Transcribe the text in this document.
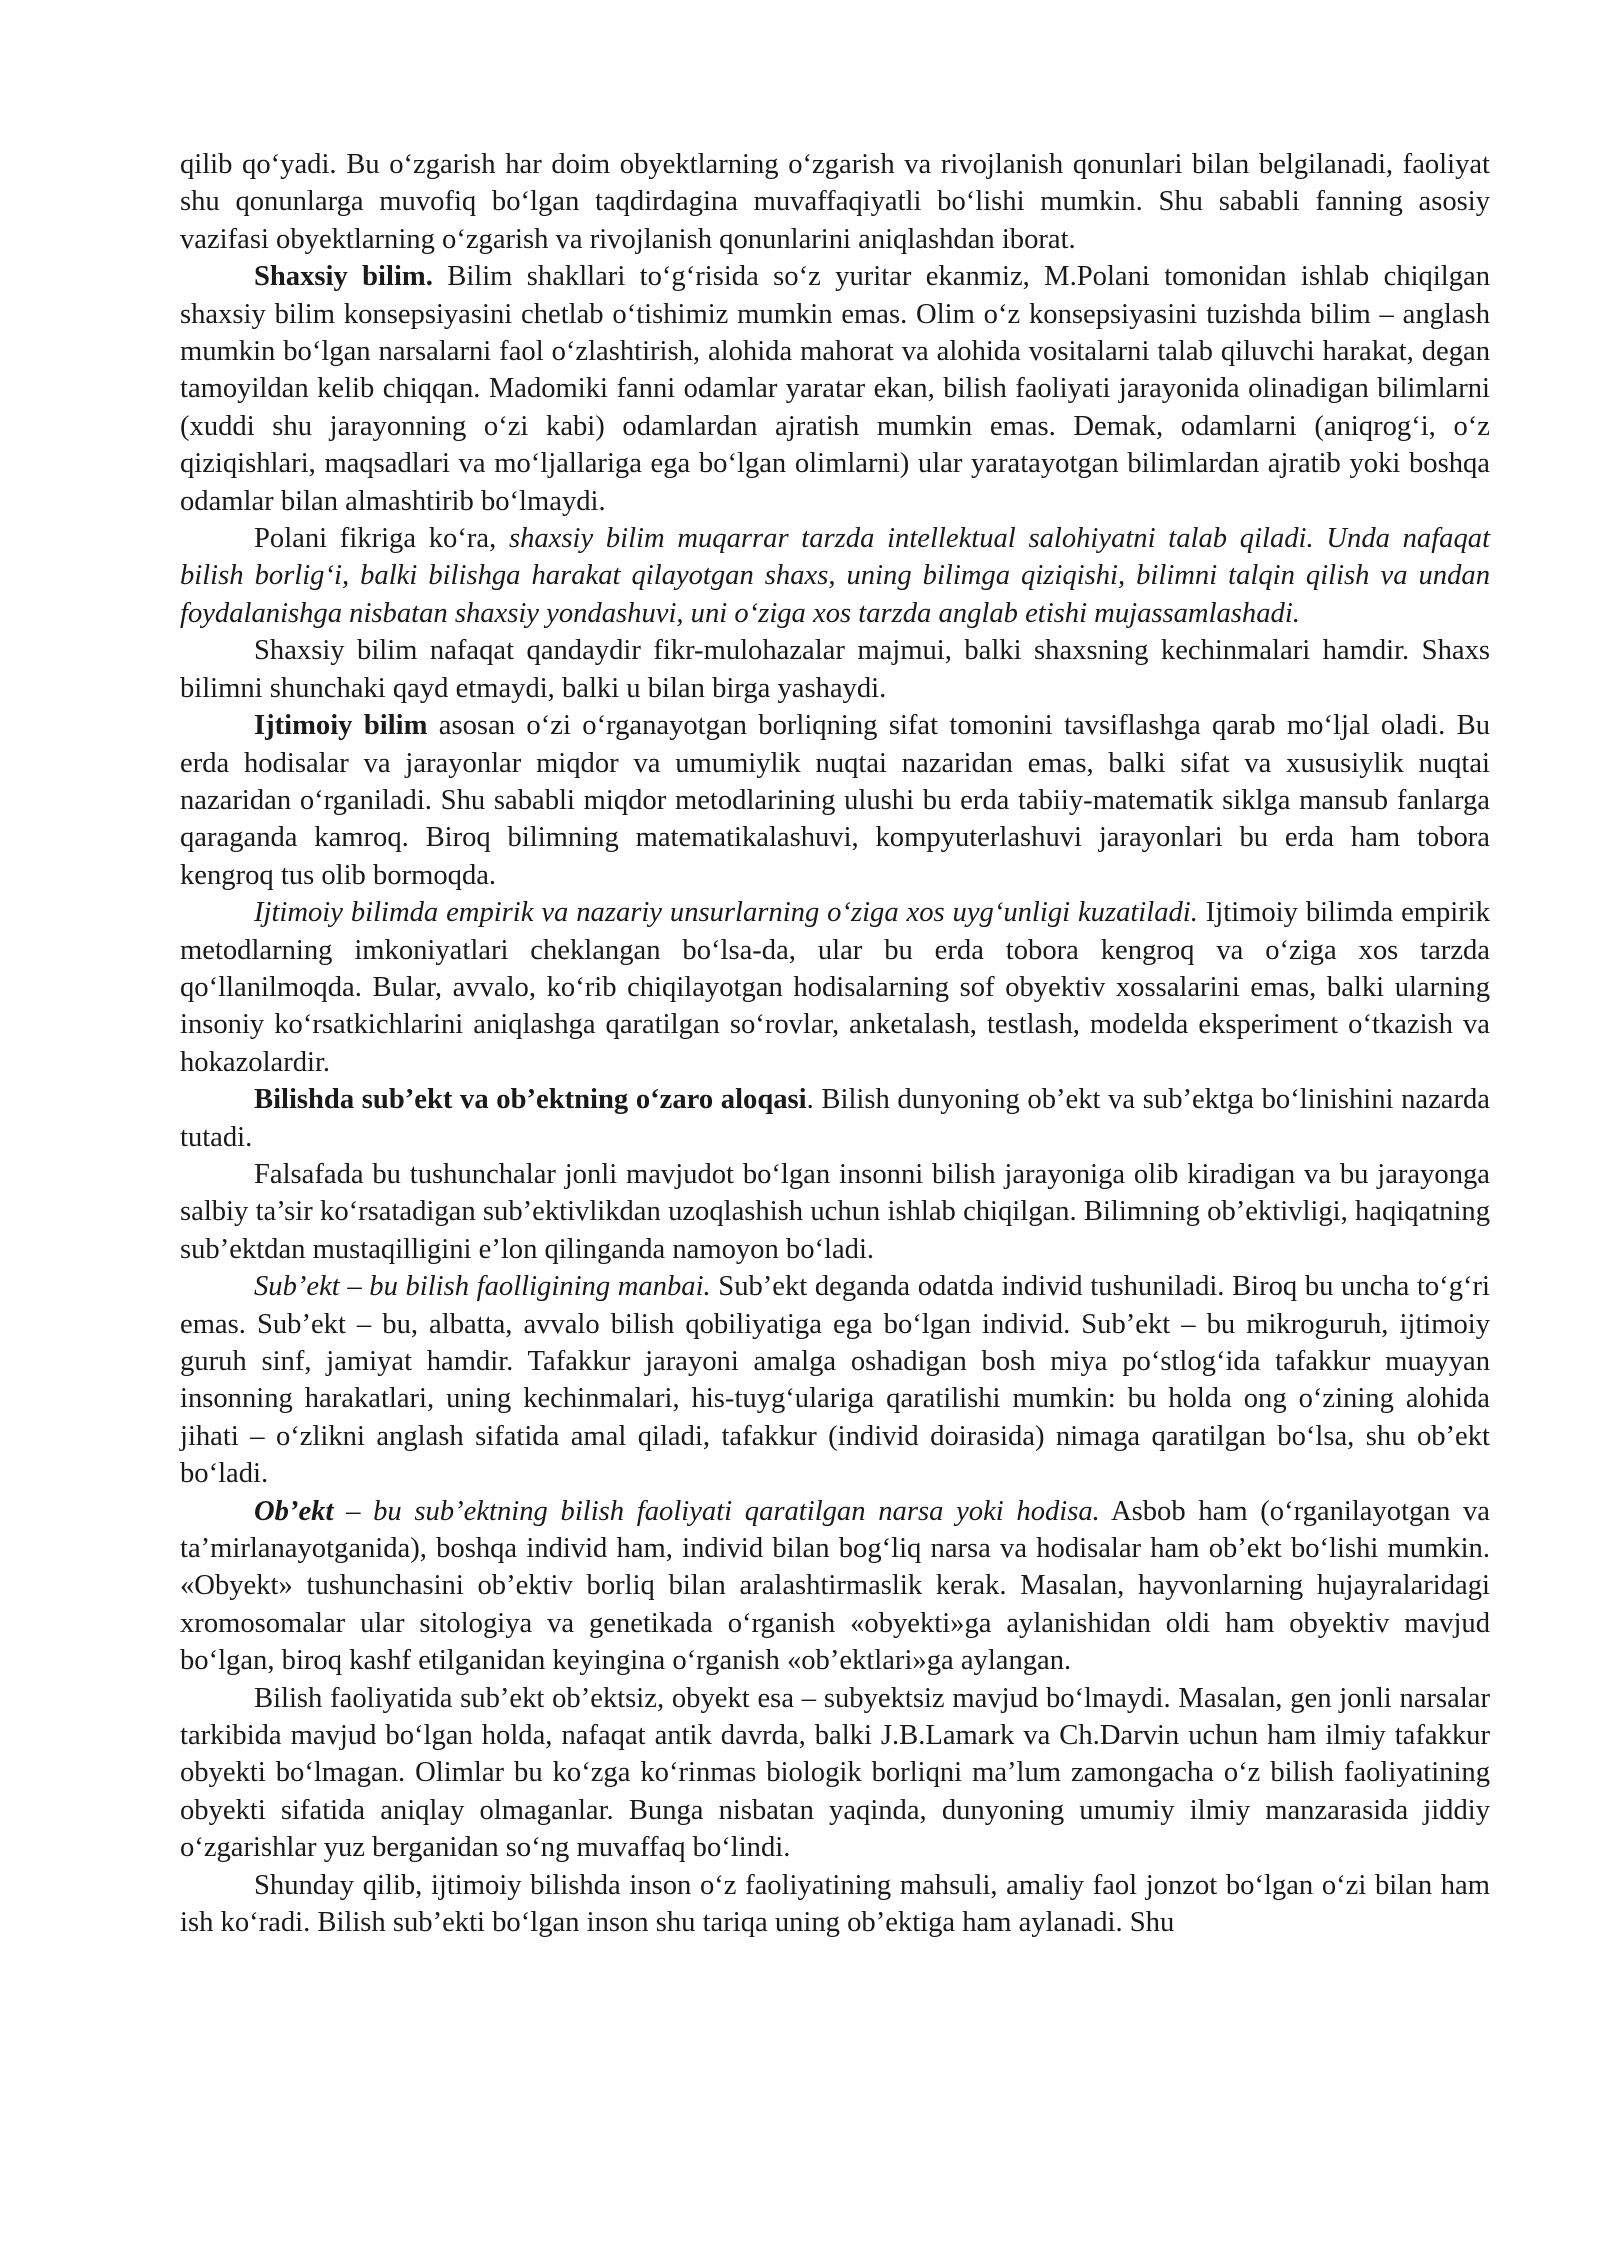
qilib qo‘yadi. Bu o‘zgarish har doim obyektlarning o‘zgarish va rivojlanish qonunlari bilan belgilanadi, faoliyat shu qonunlarga muvofiq bo‘lgan taqdirdagina muvaffaqiyatli bo‘lishi mumkin. Shu sababli fanning asosiy vazifasi obyektlarning o‘zgarish va rivojlanish qonunlarini aniqlashdan iborat.

Shaxsiy bilim. Bilim shakllari to‘g‘risida so‘z yuritar ekanmiz, M.Polani tomonidan ishlab chiqilgan shaxsiy bilim konsepsiyasini chetlab o‘tishimiz mumkin emas. Olim o‘z konsepsiyasini tuzishda bilim – anglash mumkin bo‘lgan narsalarni faol o‘zlashtirish, alohida mahorat va alohida vositalarni talab qiluvchi harakat, degan tamoyildan kelib chiqqan. Madomiki fanni odamlar yaratar ekan, bilish faoliyati jarayonida olinadigan bilimlarni (xuddi shu jarayonning o‘zi kabi) odamlardan ajratish mumkin emas. Demak, odamlarni (aniqrog‘i, o‘z qiziqishlari, maqsadlari va mo‘ljallariga ega bo‘lgan olimlarni) ular yaratayotgan bilimlardan ajratib yoki boshqa odamlar bilan almashtirib bo‘lmaydi.

Polani fikriga ko‘ra, shaxsiy bilim muqarrar tarzda intellektual salohiyatni talab qiladi. Unda nafaqat bilish borlig‘i, balki bilishga harakat qilayotgan shaxs, uning bilimga qiziqishi, bilimni talqin qilish va undan foydalanishga nisbatan shaxsiy yondashuvi, uni o‘ziga xos tarzda anglab etishi mujassamlashadi.

Shaxsiy bilim nafaqat qandaydir fikr-mulohazalar majmui, balki shaxsning kechinmalari hamdir. Shaxs bilimni shunchaki qayd etmaydi, balki u bilan birga yashaydi.

Ijtimoiy bilim asosan o‘zi o‘rganayotgan borliqning sifat tomonini tavsiflashga qarab mo‘ljal oladi. Bu erda hodisalar va jarayonlar miqdor va umumiylik nuqtai nazaridan emas, balki sifat va xususiylik nuqtai nazaridan o‘rganiladi. Shu sababli miqdor metodlarining ulushi bu erda tabiiy-matematik siklga mansub fanlarga qaraganda kamroq. Biroq bilimning matematikalashuvi, kompyuterlashuvi jarayonlari bu erda ham tobora kengroq tus olib bormoqda.

Ijtimoiy bilimda empirik va nazariy unsurlarning o‘ziga xos uyg‘unligi kuzatiladi. Ijtimoiy bilimda empirik metodlarning imkoniyatlari cheklangan bo‘lsa-da, ular bu erda tobora kengroq va o‘ziga xos tarzda qo‘llanilmoqda. Bular, avvalo, ko‘rib chiqilayotgan hodisalarning sof obyektiv xossalarini emas, balki ularning insoniy ko‘rsatkichlarini aniqlashga qaratilgan so‘rovlar, anketalash, testlash, modelda eksperiment o‘tkazish va hokazolardir.

Bilishda sub’ekt va ob’ektning o‘zaro aloqasi. Bilish dunyoning ob’ekt va sub’ektga bo‘linishini nazarda tutadi.

Falsafada bu tushunchalar jonli mavjudot bo‘lgan insonni bilish jarayoniga olib kiradigan va bu jarayonga salbiy ta’sir ko‘rsatadigan sub’ektivlikdan uzoqlashish uchun ishlab chiqilgan. Bilimning ob’ektivligi, haqiqatning sub’ektdan mustaqilligini e’lon qilinganda namoyon bo‘ladi.

Sub’ekt – bu bilish faolligining manbai. Sub’ekt deganda odatda individ tushuniladi. Biroq bu uncha to‘g‘ri emas. Sub’ekt – bu, albatta, avvalo bilish qobiliyatiga ega bo‘lgan individ. Sub’ekt – bu mikroguruh, ijtimoiy guruh sinf, jamiyat hamdir. Tafakkur jarayoni amalga oshadigan bosh miya po‘stlog‘ida tafakkur muayyan insonning harakatlari, uning kechinmalari, his-tuyg‘ulariga qaratilishi mumkin: bu holda ong o‘zining alohida jihati – o‘zlikni anglash sifatida amal qiladi, tafakkur (individ doirasida) nimaga qaratilgan bo‘lsa, shu ob’ekt bo‘ladi.

Ob’ekt – bu sub’ektning bilish faoliyati qaratilgan narsa yoki hodisa. Asbob ham (o‘rganilayotgan va ta’mirlanayotganida), boshqa individ ham, individ bilan bog‘liq narsa va hodisalar ham ob’ekt bo‘lishi mumkin. «Obyekt» tushunchasini ob’ektiv borliq bilan aralashtirmaslik kerak. Masalan, hayvonlarning hujayralaridagi xromosomalar ular sitologiya va genetikada o‘rganish «obyekti»ga aylanishidan oldi ham obyektiv mavjud bo‘lgan, biroq kashf etilganidan keyingina o‘rganish «ob’ektlari»ga aylangan.

Bilish faoliyatida sub’ekt ob’ektsiz, obyekt esa – subyektsiz mavjud bo‘lmaydi. Masalan, gen jonli narsalar tarkibida mavjud bo‘lgan holda, nafaqat antik davrda, balki J.B.Lamark va Ch.Darvin uchun ham ilmiy tafakkur obyekti bo‘lmagan. Olimlar bu ko‘zga ko‘rinmas biologik borliqni ma’lum zamongacha o‘z bilish faoliyatining obyekti sifatida aniqlay olmaganlar. Bunga nisbatan yaqinda, dunyoning umumiy ilmiy manzarasida jiddiy o‘zgarishlar yuz berganidan so‘ng muvaffaq bo‘lindi.

Shunday qilib, ijtimoiy bilishda inson o‘z faoliyatining mahsuli, amaliy faol jonzot bo‘lgan o‘zi bilan ham ish ko‘radi. Bilish sub’ekti bo‘lgan inson shu tariqa uning ob’ektiga ham aylanadi. Shu
